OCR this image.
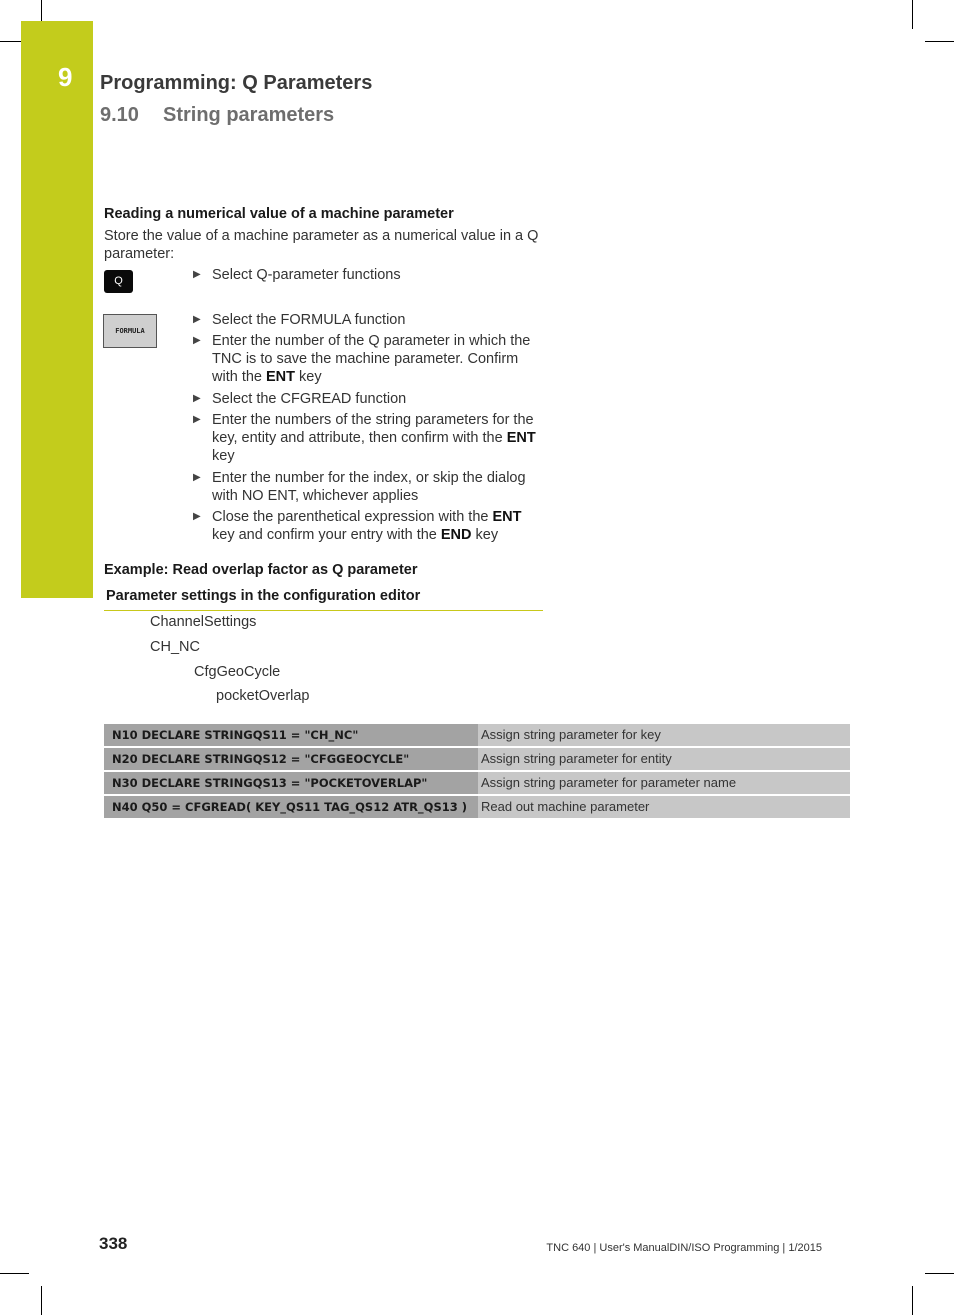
9 Programming: Q Parameters
9.10 String parameters
Reading a numerical value of a machine parameter
Store the value of a machine parameter as a numerical value in a Q parameter:
Q
FORMULA
▶ Select Q-parameter functions
▶ Select the FORMULA function
▶ Enter the number of the Q parameter in which the TNC is to save the machine parameter. Confirm with the ENT key
▶ Select the CFGREAD function
▶ Enter the numbers of the string parameters for the key, entity and attribute, then confirm with the ENT key
▶ Enter the number for the index, or skip the dialog with NO ENT, whichever applies
▶ Close the parenthetical expression with the ENT key and confirm your entry with the END key
Example: Read overlap factor as Q parameter
Parameter settings in the configuration editor
ChannelSettings
CH_NC
CfgGeoCycle
pocketOverlap
N10 DECLARE STRINGQS11 = "CH_NC"	Assign string parameter for key
N20 DECLARE STRINGQS12 = "CFGGEOCYCLE"	Assign string parameter for entity
N30 DECLARE STRINGQS13 = "POCKETOVERLAP"	Assign string parameter for parameter name
N40 Q50 = CFGREAD( KEY_QS11 TAG_QS12 ATR_QS13 )	Read out machine parameter
338	TNC 640 | User's ManualDIN/ISO Programming | 1/2015
